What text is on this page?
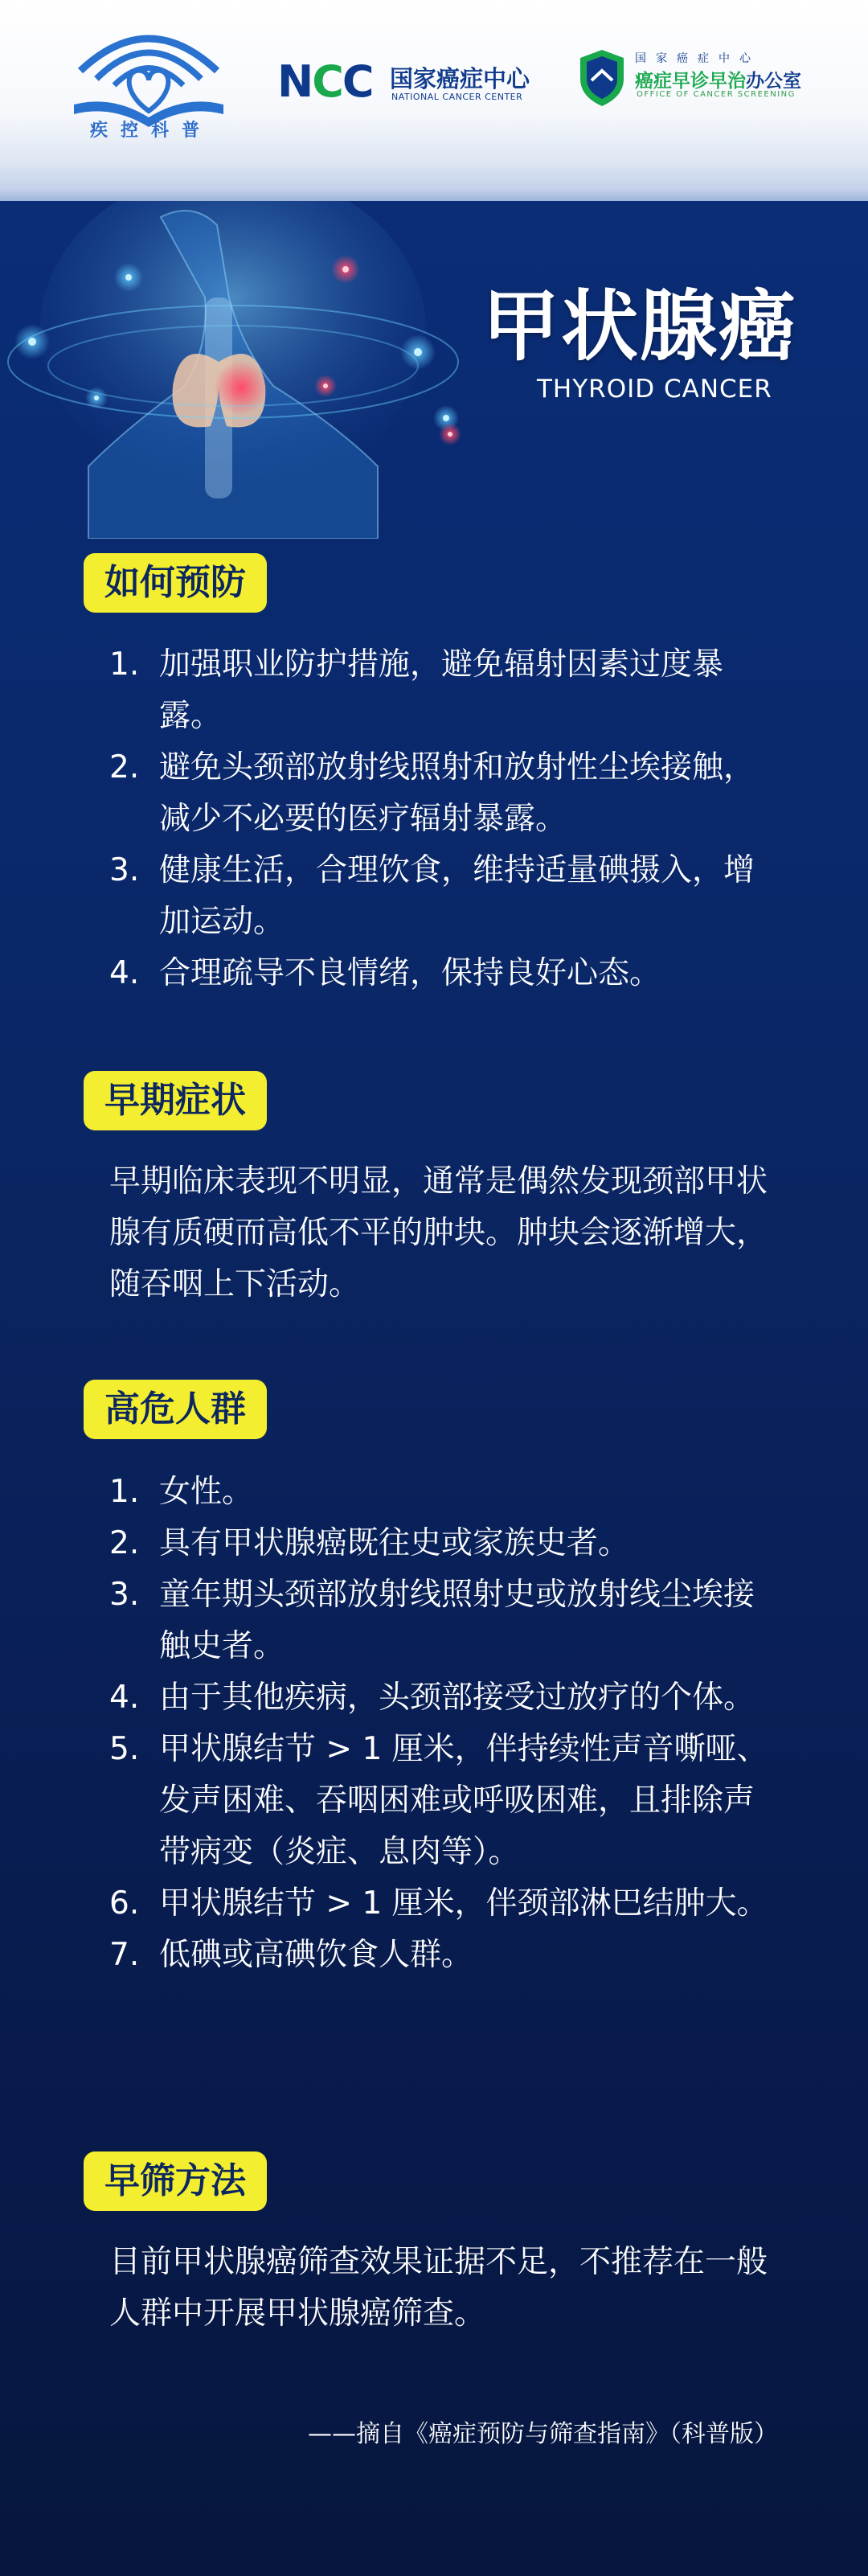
疾控科普
NCC 国家癌症中心
NATIONAL CANCER CENTER
国家癌症中心
癌症早诊早治办公室
OFFICE OF CANCER SCREENING
甲状腺癌
THYROID CANCER
如何预防
1. 加强职业防护措施，避免辐射因素过度暴露。
2. 避免头颈部放射线照射和放射性尘埃接触，减少不必要的医疗辐射暴露。
3. 健康生活，合理饮食，维持适量碘摄入，增加运动。
4. 合理疏导不良情绪，保持良好心态。
早期症状
早期临床表现不明显，通常是偶然发现颈部甲状腺有质硬而高低不平的肿块。肿块会逐渐增大，随吞咽上下活动。
高危人群
1. 女性。
2. 具有甲状腺癌既往史或家族史者。
3. 童年期头颈部放射线照射史或放射线尘埃接触史者。
4. 由于其他疾病，头颈部接受过放疗的个体。
5. 甲状腺结节 > 1 厘米，伴持续性声音嘶哑、发声困难、吞咽困难或呼吸困难，且排除声带病变（炎症、息肉等）。
6. 甲状腺结节 > 1 厘米，伴颈部淋巴结肿大。
7. 低碘或高碘饮食人群。
早筛方法
目前甲状腺癌筛查效果证据不足，不推荐在一般人群中开展甲状腺癌筛查。
——摘自《癌症预防与筛查指南》（科普版）
